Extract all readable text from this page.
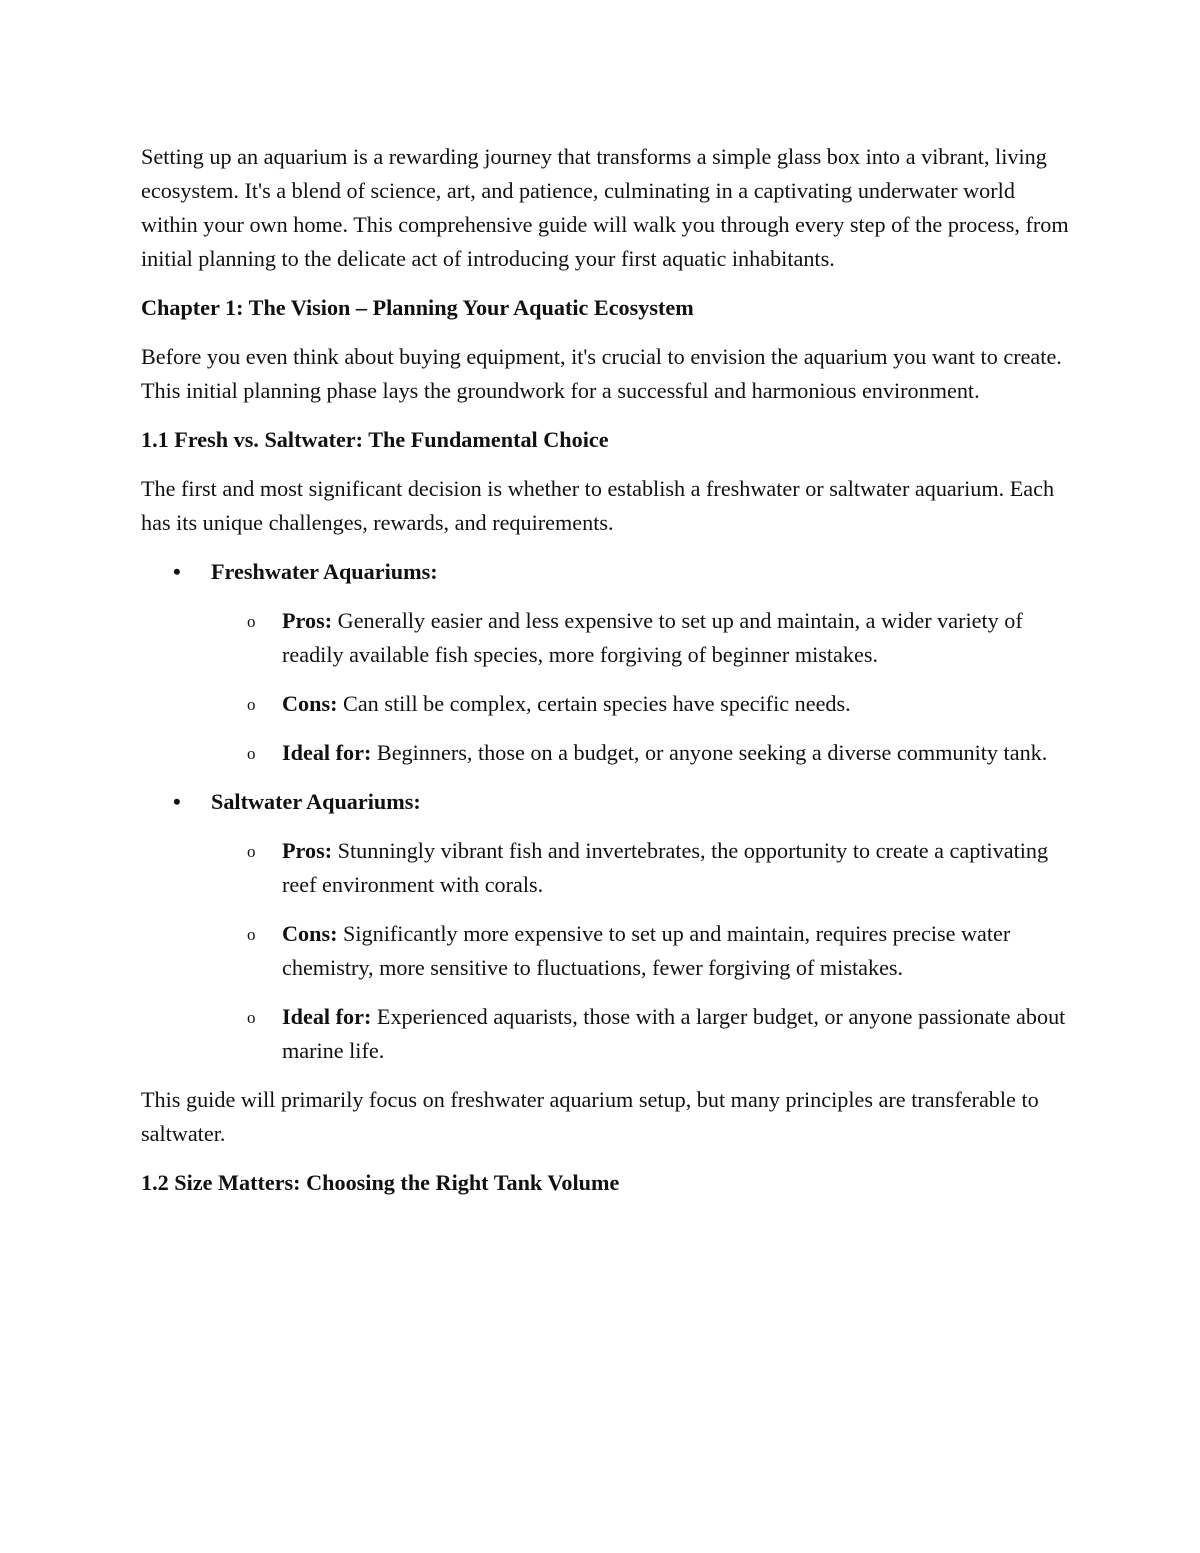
Setting up an aquarium is a rewarding journey that transforms a simple glass box into a vibrant, living ecosystem. It's a blend of science, art, and patience, culminating in a captivating underwater world within your own home. This comprehensive guide will walk you through every step of the process, from initial planning to the delicate act of introducing your first aquatic inhabitants.

Chapter 1: The Vision – Planning Your Aquatic Ecosystem

Before you even think about buying equipment, it's crucial to envision the aquarium you want to create. This initial planning phase lays the groundwork for a successful and harmonious environment.

1.1 Fresh vs. Saltwater: The Fundamental Choice

The first and most significant decision is whether to establish a freshwater or saltwater aquarium. Each has its unique challenges, rewards, and requirements.

• Freshwater Aquariums:
o Pros: Generally easier and less expensive to set up and maintain, a wider variety of readily available fish species, more forgiving of beginner mistakes.
o Cons: Can still be complex, certain species have specific needs.
o Ideal for: Beginners, those on a budget, or anyone seeking a diverse community tank.
• Saltwater Aquariums:
o Pros: Stunningly vibrant fish and invertebrates, the opportunity to create a captivating reef environment with corals.
o Cons: Significantly more expensive to set up and maintain, requires precise water chemistry, more sensitive to fluctuations, fewer forgiving of mistakes.
o Ideal for: Experienced aquarists, those with a larger budget, or anyone passionate about marine life.

This guide will primarily focus on freshwater aquarium setup, but many principles are transferable to saltwater.

1.2 Size Matters: Choosing the Right Tank Volume
